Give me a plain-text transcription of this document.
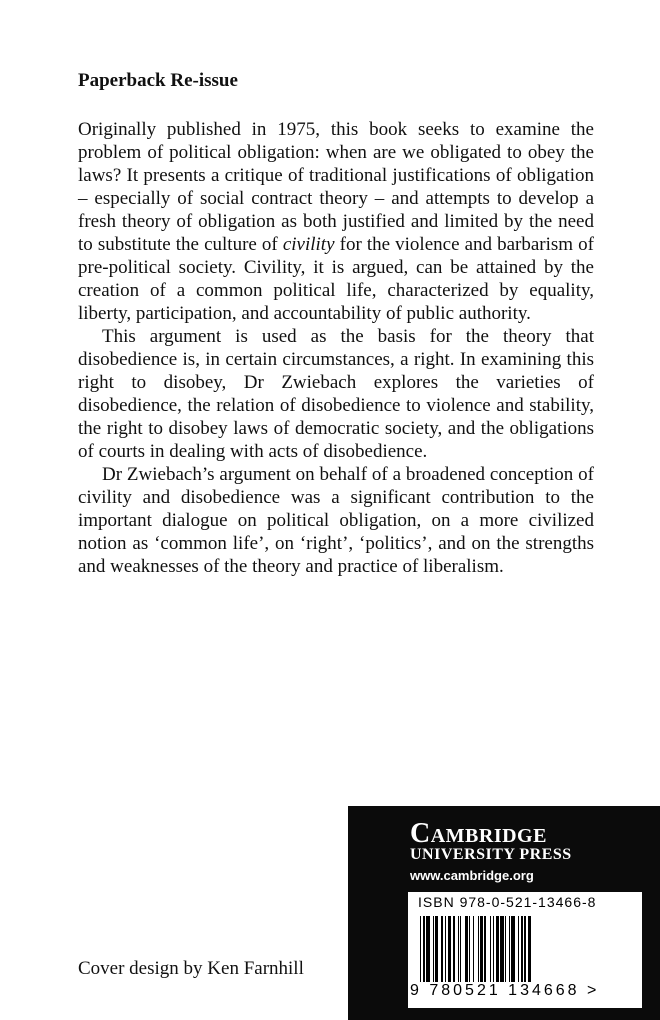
Paperback Re-issue

Originally published in 1975, this book seeks to examine the problem of political obligation: when are we obligated to obey the laws? It presents a critique of traditional justifications of obligation – especially of social contract theory – and attempts to develop a fresh theory of obligation as both justified and limited by the need to substitute the culture of civility for the violence and barbarism of pre-political society. Civility, it is argued, can be attained by the creation of a common political life, characterized by equality, liberty, participation, and accountability of public authority.

This argument is used as the basis for the theory that disobedience is, in certain circumstances, a right. In examining this right to disobey, Dr Zwiebach explores the varieties of disobedience, the relation of disobedience to violence and stability, the right to disobey laws of democratic society, and the obligations of courts in dealing with acts of disobedience.

Dr Zwiebach’s argument on behalf of a broadened conception of civility and disobedience was a significant contribution to the important dialogue on political obligation, on a more civilized notion as ‘common life’, on ‘right’, ‘politics’, and on the strengths and weaknesses of the theory and practice of liberalism.

Cover design by Ken Farnhill

Cambridge
UNIVERSITY PRESS
www.cambridge.org
ISBN 978-0-521-13466-8
9 780521 134668 >
